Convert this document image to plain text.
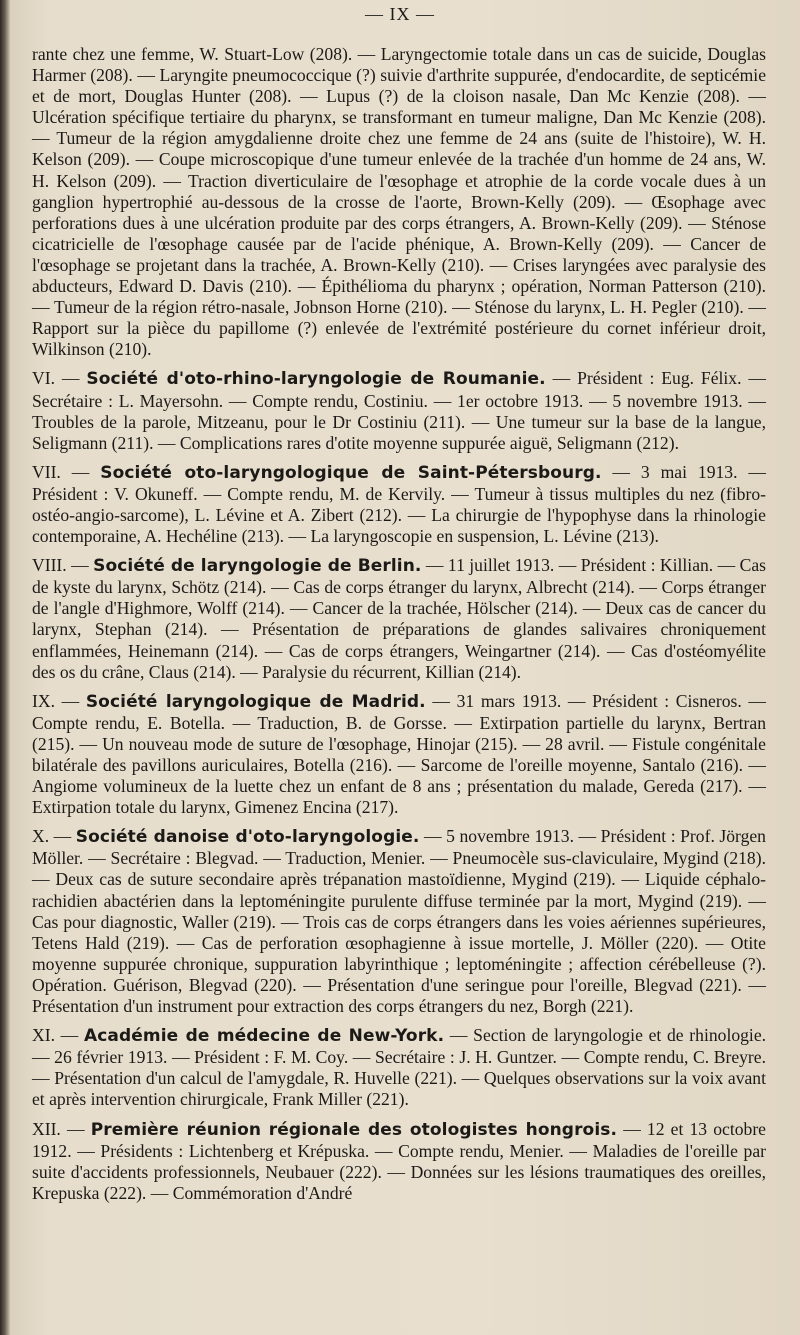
— IX —

rante chez une femme, W. Stuart-Low (208). — Laryngectomie totale dans un cas de suicide, Douglas Harmer (208). — Laryngite pneumococcique (?) suivie d'arthrite suppurée, d'endocardite, de septicémie et de mort, Douglas Hunter (208). — Lupus (?) de la cloison nasale, Dan Mc Kenzie (208). — Ulcération spécifique tertiaire du pharynx, se transformant en tumeur maligne, Dan Mc Kenzie (208). — Tumeur de la région amygdalienne droite chez une femme de 24 ans (suite de l'histoire), W. H. Kelson (209). — Coupe microscopique d'une tumeur enlevée de la trachée d'un homme de 24 ans, W. H. Kelson (209). — Traction diverticulaire de l'œsophage et atrophie de la corde vocale dues à un ganglion hypertrophié au-dessous de la crosse de l'aorte, Brown-Kelly (209). — Œsophage avec perforations dues à une ulcération produite par des corps étrangers, A. Brown-Kelly (209). — Sténose cicatricielle de l'œsophage causée par de l'acide phénique, A. Brown-Kelly (209). — Cancer de l'œsophage se projetant dans la trachée, A. Brown-Kelly (210). — Crises laryngées avec paralysie des abducteurs, Edward D. Davis (210). — Épithélioma du pharynx ; opération, Norman Patterson (210). — Tumeur de la région rétro-nasale, Jobnson Horne (210). — Sténose du larynx, L. H. Pegler (210). — Rapport sur la pièce du papillome (?) enlevée de l'extrémité postérieure du cornet inférieur droit, Wilkinson (210).

VI. — Société d'oto-rhino-laryngologie de Roumanie. — Président : Eug. Félix. — Secrétaire : L. Mayersohn. — Compte rendu, Costiniu. — 1er octobre 1913. — 5 novembre 1913. — Troubles de la parole, Mitzeanu, pour le Dr Costiniu (211). — Une tumeur sur la base de la langue, Seligmann (211). — Complications rares d'otite moyenne suppurée aiguë, Seligmann (212).

VII. — Société oto-laryngologique de Saint-Pétersbourg. — 3 mai 1913. — Président : V. Okuneff. — Compte rendu, M. de Kervily. — Tumeur à tissus multiples du nez (fibro-ostéo-angio-sarcome), L. Lévine et A. Zibert (212). — La chirurgie de l'hypophyse dans la rhinologie contemporaine, A. Hechéline (213). — La laryngoscopie en suspension, L. Lévine (213).

VIII. — Société de laryngologie de Berlin. — 11 juillet 1913. — Président : Killian. — Cas de kyste du larynx, Schötz (214). — Cas de corps étranger du larynx, Albrecht (214). — Corps étranger de l'angle d'Highmore, Wolff (214). — Cancer de la trachée, Hölscher (214). — Deux cas de cancer du larynx, Stephan (214). — Présentation de préparations de glandes salivaires chroniquement enflammées, Heinemann (214). — Cas de corps étrangers, Weingartner (214). — Cas d'ostéomyélite des os du crâne, Claus (214). — Paralysie du récurrent, Killian (214).

IX. — Société laryngologique de Madrid. — 31 mars 1913. — Président : Cisneros. — Compte rendu, E. Botella. — Traduction, B. de Gorsse. — Extirpation partielle du larynx, Bertran (215). — Un nouveau mode de suture de l'œsophage, Hinojar (215). — 28 avril. — Fistule congénitale bilatérale des pavillons auriculaires, Botella (216). — Sarcome de l'oreille moyenne, Santalo (216). — Angiome volumineux de la luette chez un enfant de 8 ans ; présentation du malade, Gereda (217). — Extirpation totale du larynx, Gimenez Encina (217).

X. — Société danoise d'oto-laryngologie. — 5 novembre 1913. — Président : Prof. Jörgen Möller. — Secrétaire : Blegvad. — Traduction, Menier. — Pneumocèle sus-claviculaire, Mygind (218). — Deux cas de suture secondaire après trépanation mastoïdienne, Mygind (219). — Liquide céphalo-rachidien abactérien dans la leptoméningite purulente diffuse terminée par la mort, Mygind (219). — Cas pour diagnostic, Waller (219). — Trois cas de corps étrangers dans les voies aériennes supérieures, Tetens Hald (219). — Cas de perforation œsophagienne à issue mortelle, J. Möller (220). — Otite moyenne suppurée chronique, suppuration labyrinthique ; leptoméningite ; affection cérébelleuse (?). Opération. Guérison, Blegvad (220). — Présentation d'une seringue pour l'oreille, Blegvad (221). — Présentation d'un instrument pour extraction des corps étrangers du nez, Borgh (221).

XI. — Académie de médecine de New-York. — Section de laryngologie et de rhinologie. — 26 février 1913. — Président : F. M. Coy. — Secrétaire : J. H. Guntzer. — Compte rendu, C. Breyre. — Présentation d'un calcul de l'amygdale, R. Huvelle (221). — Quelques observations sur la voix avant et après intervention chirurgicale, Frank Miller (221).

XII. — Première réunion régionale des otologistes hongrois. — 12 et 13 octobre 1912. — Présidents : Lichtenberg et Krépuska. — Compte rendu, Menier. — Maladies de l'oreille par suite d'accidents professionnels, Neubauer (222). — Données sur les lésions traumatiques des oreilles, Krepuska (222). — Commémoration d'André
